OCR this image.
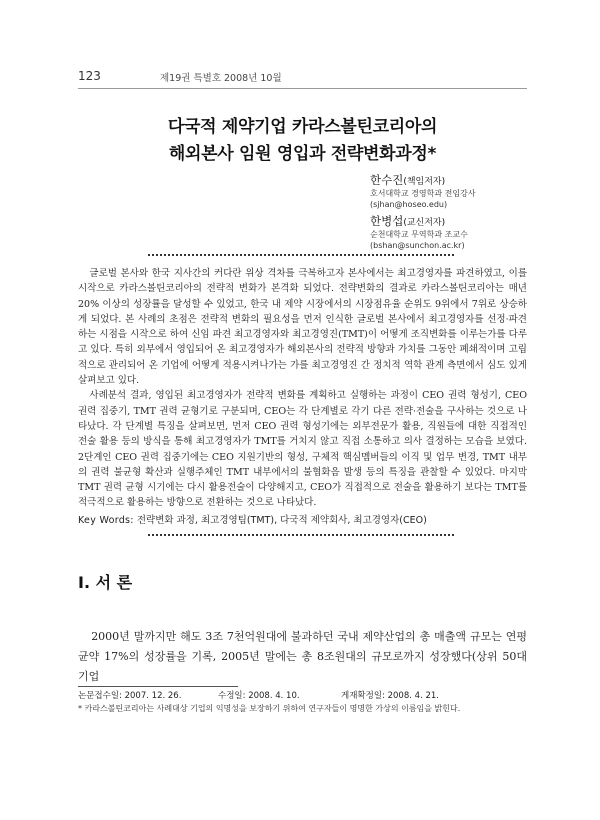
123	제19권 특별호 2008년 10월
다국적 제약기업 카라스볼틴코리아의
해외본사 임원 영입과 전략변화과정*
한수진(책임저자)
호서대학교 경영학과 전임강사
(sjhan@hoseo.edu)
한병섭(교신저자)
순천대학교 무역학과 조교수
(bshan@sunchon.ac.kr)

글로벌 본사와 한국 지사간의 커다란 위상 격차를 극복하고자 본사에서는 최고경영자를 파견하였고, 이를 시작으로 카라스볼틴코리아의 전략적 변화가 본격화 되었다. 전략변화의 결과로 카라스볼틴코리아는 매년 20% 이상의 성장률을 달성할 수 있었고, 한국 내 제약 시장에서의 시장점유율 순위도 9위에서 7위로 상승하게 되었다. 본 사례의 초점은 전략적 변화의 필요성을 먼저 인식한 글로벌 본사에서 최고경영자를 선정·파견하는 시점을 시작으로 하여 신임 파견 최고경영자와 최고경영진(TMT)이 어떻게 조직변화를 이루는가를 다루고 있다. 특히 외부에서 영입되어 온 최고경영자가 해외본사의 전략적 방향과 가치를 그동안 폐쇄적이며 고립적으로 관리되어 온 기업에 어떻게 적용시켜나가는 가를 최고경영진 간 정치적 역학 관계 측면에서 심도 있게 살펴보고 있다.

사례분석 결과, 영입된 최고경영자가 전략적 변화를 계획하고 실행하는 과정이 CEO 권력 형성기, CEO 권력 집중기, TMT 권력 균형기로 구분되며, CEO는 각 단계별로 각기 다른 전략·전술을 구사하는 것으로 나타났다. 각 단계별 특징을 살펴보면, 먼저 CEO 권력 형성기에는 외부전문가 활용, 직원들에 대한 직접적인 전술 활용 등의 방식을 통해 최고경영자가 TMT를 거치지 않고 직접 소통하고 의사 결정하는 모습을 보였다. 2단계인 CEO 권력 집중기에는 CEO 지원기반의 형성, 구체적 핵심멤버들의 이직 및 업무 변경, TMT 내부의 권력 불균형 확산과 실행주체인 TMT 내부에서의 불협화음 발생 등의 특징을 관찰할 수 있었다. 마지막 TMT 권력 균형 시기에는 다시 활용전술이 다양해지고, CEO가 직접적으로 전술을 활용하기 보다는 TMT를 적극적으로 활용하는 방향으로 전환하는 것으로 나타났다.

Key Words: 전략변화 과정, 최고경영팀(TMT), 다국적 제약회사, 최고경영자(CEO)
Ⅰ. 서 론

2000년 말까지만 해도 3조 7천억원대에 불과하던 국내 제약산업의 총 매출액 규모는 연평균약 17%의 성장률을 기록, 2005년 말에는 총 8조원대의 규모로까지 성장했다(상위 50대 기업

논문접수일: 2007. 12. 26.	수정일: 2008. 4. 10.	게재확정일: 2008. 4. 21.
* 카라스볼틴코리아는 사례대상 기업의 익명성을 보장하기 위하여 연구자들이 명명한 가상의 이름임을 밝힌다.
